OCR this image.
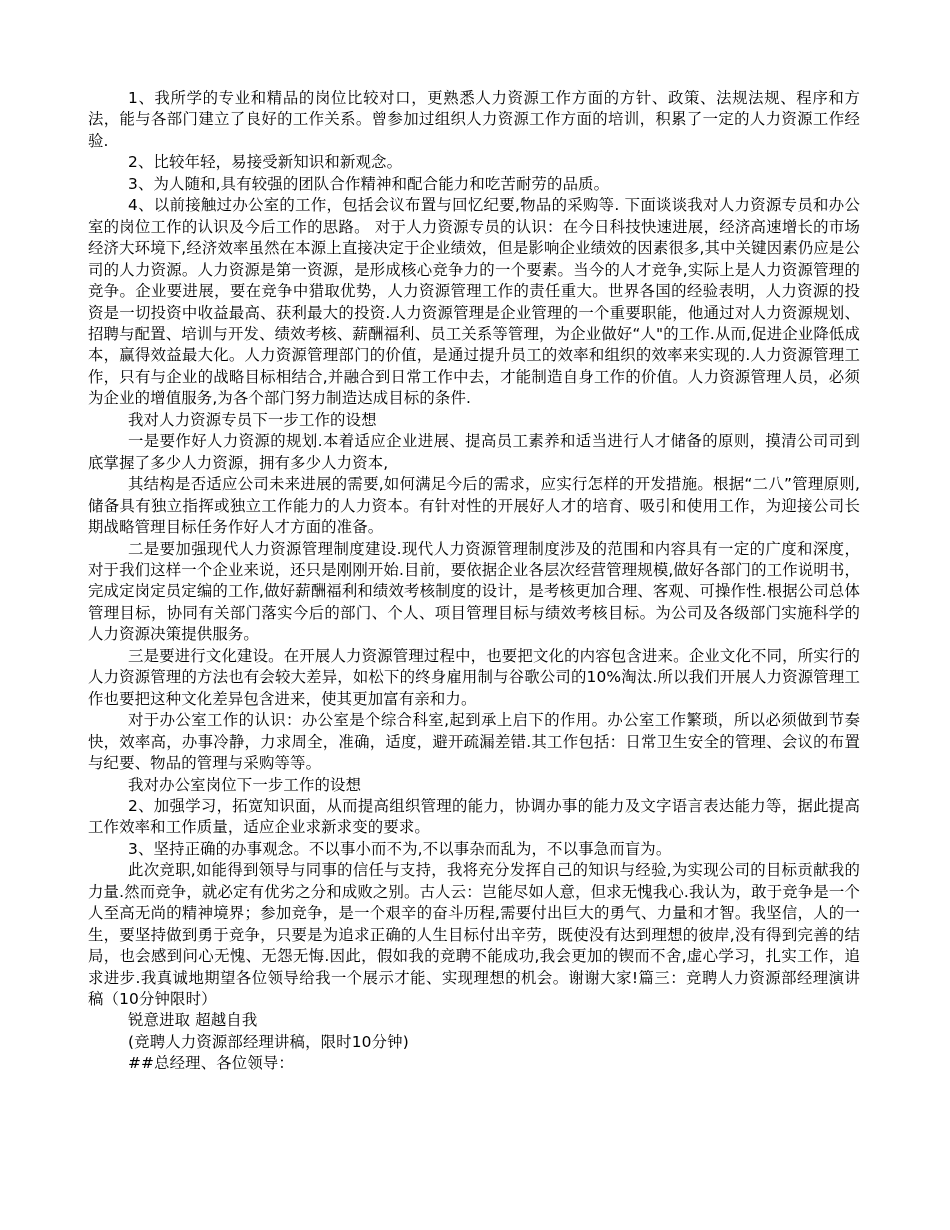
1、我所学的专业和精品的岗位比较对口，更熟悉人力资源工作方面的方针、政策、法规法规、程序和方法，能与各部门建立了良好的工作关系。曾参加过组织人力资源工作方面的培训，积累了一定的人力资源工作经验.

2、比较年轻，易接受新知识和新观念。

3、为人随和,具有较强的团队合作精神和配合能力和吃苦耐劳的品质。

4、以前接触过办公室的工作，包括会议布置与回忆纪要,物品的采购等. 下面谈谈我对人力资源专员和办公室的岗位工作的认识及今后工作的思路。 对于人力资源专员的认识：在今日科技快速进展，经济高速增长的市场经济大环境下,经济效率虽然在本源上直接决定于企业绩效，但是影响企业绩效的因素很多,其中关键因素仍应是公司的人力资源。人力资源是第一资源，是形成核心竞争力的一个要素。当今的人才竞争,实际上是人力资源管理的竞争。企业要进展，要在竞争中猎取优势，人力资源管理工作的责任重大。世界各国的经验表明，人力资源的投资是一切投资中收益最高、获利最大的投资.人力资源管理是企业管理的一个重要职能，他通过对人力资源规划、招聘与配置、培训与开发、绩效考核、薪酬福利、员工关系等管理，为企业做好“人"的工作.从而,促进企业降低成本，赢得效益最大化。人力资源管理部门的价值，是通过提升员工的效率和组织的效率来实现的.人力资源管理工作，只有与企业的战略目标相结合,并融合到日常工作中去，才能制造自身工作的价值。人力资源管理人员，必须为企业的增值服务,为各个部门努力制造达成目标的条件.

我对人力资源专员下一步工作的设想

一是要作好人力资源的规划.本着适应企业进展、提高员工素养和适当进行人才储备的原则，摸清公司司到底掌握了多少人力资源，拥有多少人力资本,

其结构是否适应公司未来进展的需要,如何满足今后的需求，应实行怎样的开发措施。根据“二八”管理原则,储备具有独立指挥或独立工作能力的人力资本。有针对性的开展好人才的培育、吸引和使用工作，为迎接公司长期战略管理目标任务作好人才方面的准备。

二是要加强现代人力资源管理制度建设.现代人力资源管理制度涉及的范围和内容具有一定的广度和深度，对于我们这样一个企业来说，还只是刚刚开始.目前，要依据企业各层次经营管理规模,做好各部门的工作说明书，完成定岗定员定编的工作,做好薪酬福利和绩效考核制度的设计，是考核更加合理、客观、可操作性.根据公司总体管理目标，协同有关部门落实今后的部门、个人、项目管理目标与绩效考核目标。为公司及各级部门实施科学的人力资源决策提供服务。

三是要进行文化建设。在开展人力资源管理过程中，也要把文化的内容包含进来。企业文化不同，所实行的人力资源管理的方法也有会较大差异，如松下的终身雇用制与谷歌公司的10%淘汰.所以我们开展人力资源管理工作也要把这种文化差异包含进来，使其更加富有亲和力。

对于办公室工作的认识：办公室是个综合科室,起到承上启下的作用。办公室工作繁琐，所以必须做到节奏快，效率高，办事冷静，力求周全，准确，适度，避开疏漏差错.其工作包括：日常卫生安全的管理、会议的布置与纪要、物品的管理与采购等等。

我对办公室岗位下一步工作的设想

2、加强学习，拓宽知识面，从而提高组织管理的能力，协调办事的能力及文字语言表达能力等，据此提高工作效率和工作质量，适应企业求新求变的要求。

3、坚持正确的办事观念。不以事小而不为,不以事杂而乱为，不以事急而盲为。

此次竞职,如能得到领导与同事的信任与支持，我将充分发挥自己的知识与经验,为实现公司的目标贡献我的力量.然而竞争，就必定有优劣之分和成败之别。古人云：岂能尽如人意，但求无愧我心.我认为，敢于竞争是一个人至高无尚的精神境界；参加竞争，是一个艰辛的奋斗历程,需要付出巨大的勇气、力量和才智。我坚信，人的一生，要坚持做到勇于竞争，只要是为追求正确的人生目标付出辛劳，既使没有达到理想的彼岸,没有得到完善的结局，也会感到问心无愧、无怨无悔.因此，假如我的竞聘不能成功,我会更加的锲而不舍,虚心学习，扎实工作，追求进步.我真诚地期望各位领导给我一个展示才能、实现理想的机会。谢谢大家!篇三：竞聘人力资源部经理演讲稿（10分钟限时）

锐意进取 超越自我

(竞聘人力资源部经理讲稿，限时10分钟)

##总经理、各位领导：
